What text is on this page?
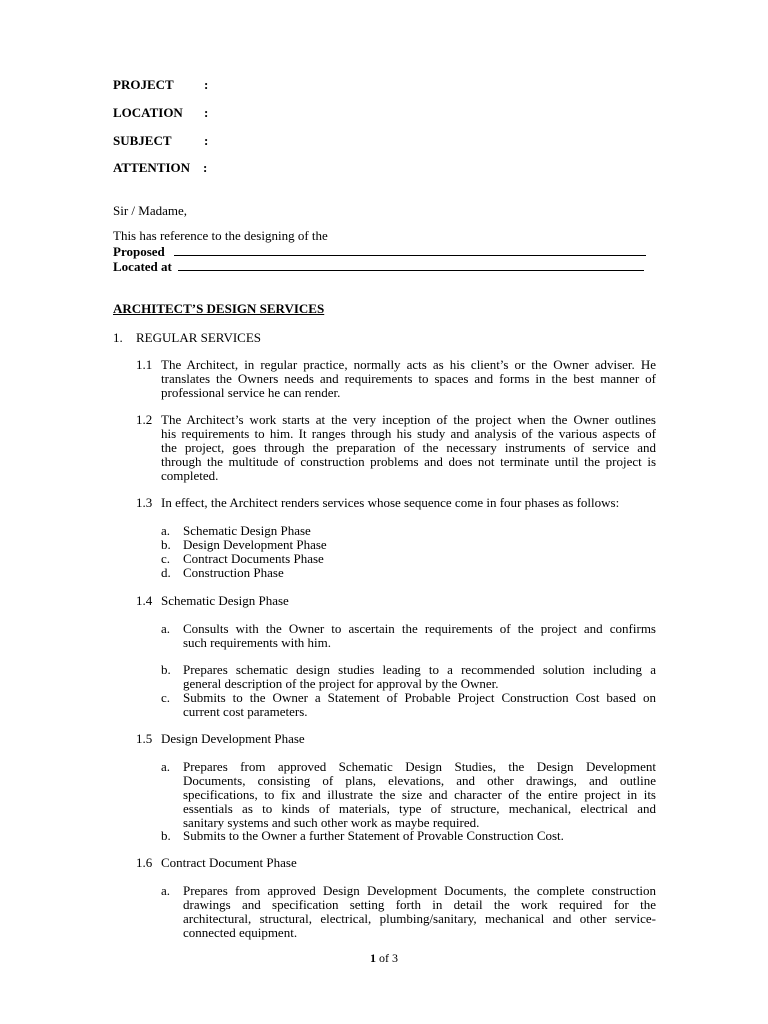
PROJECT :
LOCATION :
SUBJECT :
ATTENTION :
Sir / Madame,
This has reference to the designing of the
Proposed
Located at
ARCHITECT’S DESIGN SERVICES
1. REGULAR SERVICES
1.1 The Architect, in regular practice, normally acts as his client’s or the Owner adviser. He
translates the Owners needs and requirements to spaces and forms in the best manner of
professional service he can render.
1.2 The Architect’s work starts at the very inception of the project when the Owner outlines
his requirements to him. It ranges through his study and analysis of the various aspects of
the project, goes through the preparation of the necessary instruments of service and
through the multitude of construction problems and does not terminate until the project is
completed.
1.3 In effect, the Architect renders services whose sequence come in four phases as follows:
a. Schematic Design Phase
b. Design Development Phase
c. Contract Documents Phase
d. Construction Phase
1.4 Schematic Design Phase
a. Consults with the Owner to ascertain the requirements of the project and confirms
such requirements with him.
b. Prepares schematic design studies leading to a recommended solution including a
general description of the project for approval by the Owner.
c. Submits to the Owner a Statement of Probable Project Construction Cost based on
current cost parameters.
1.5 Design Development Phase
a. Prepares from approved Schematic Design Studies, the Design Development
Documents, consisting of plans, elevations, and other drawings, and outline
specifications, to fix and illustrate the size and character of the entire project in its
essentials as to kinds of materials, type of structure, mechanical, electrical and
sanitary systems and such other work as maybe required.
b. Submits to the Owner a further Statement of Provable Construction Cost.
1.6 Contract Document Phase
a. Prepares from approved Design Development Documents, the complete construction
drawings and specification setting forth in detail the work required for the
architectural, structural, electrical, plumbing/sanitary, mechanical and other service-
connected equipment.
1 of 3
